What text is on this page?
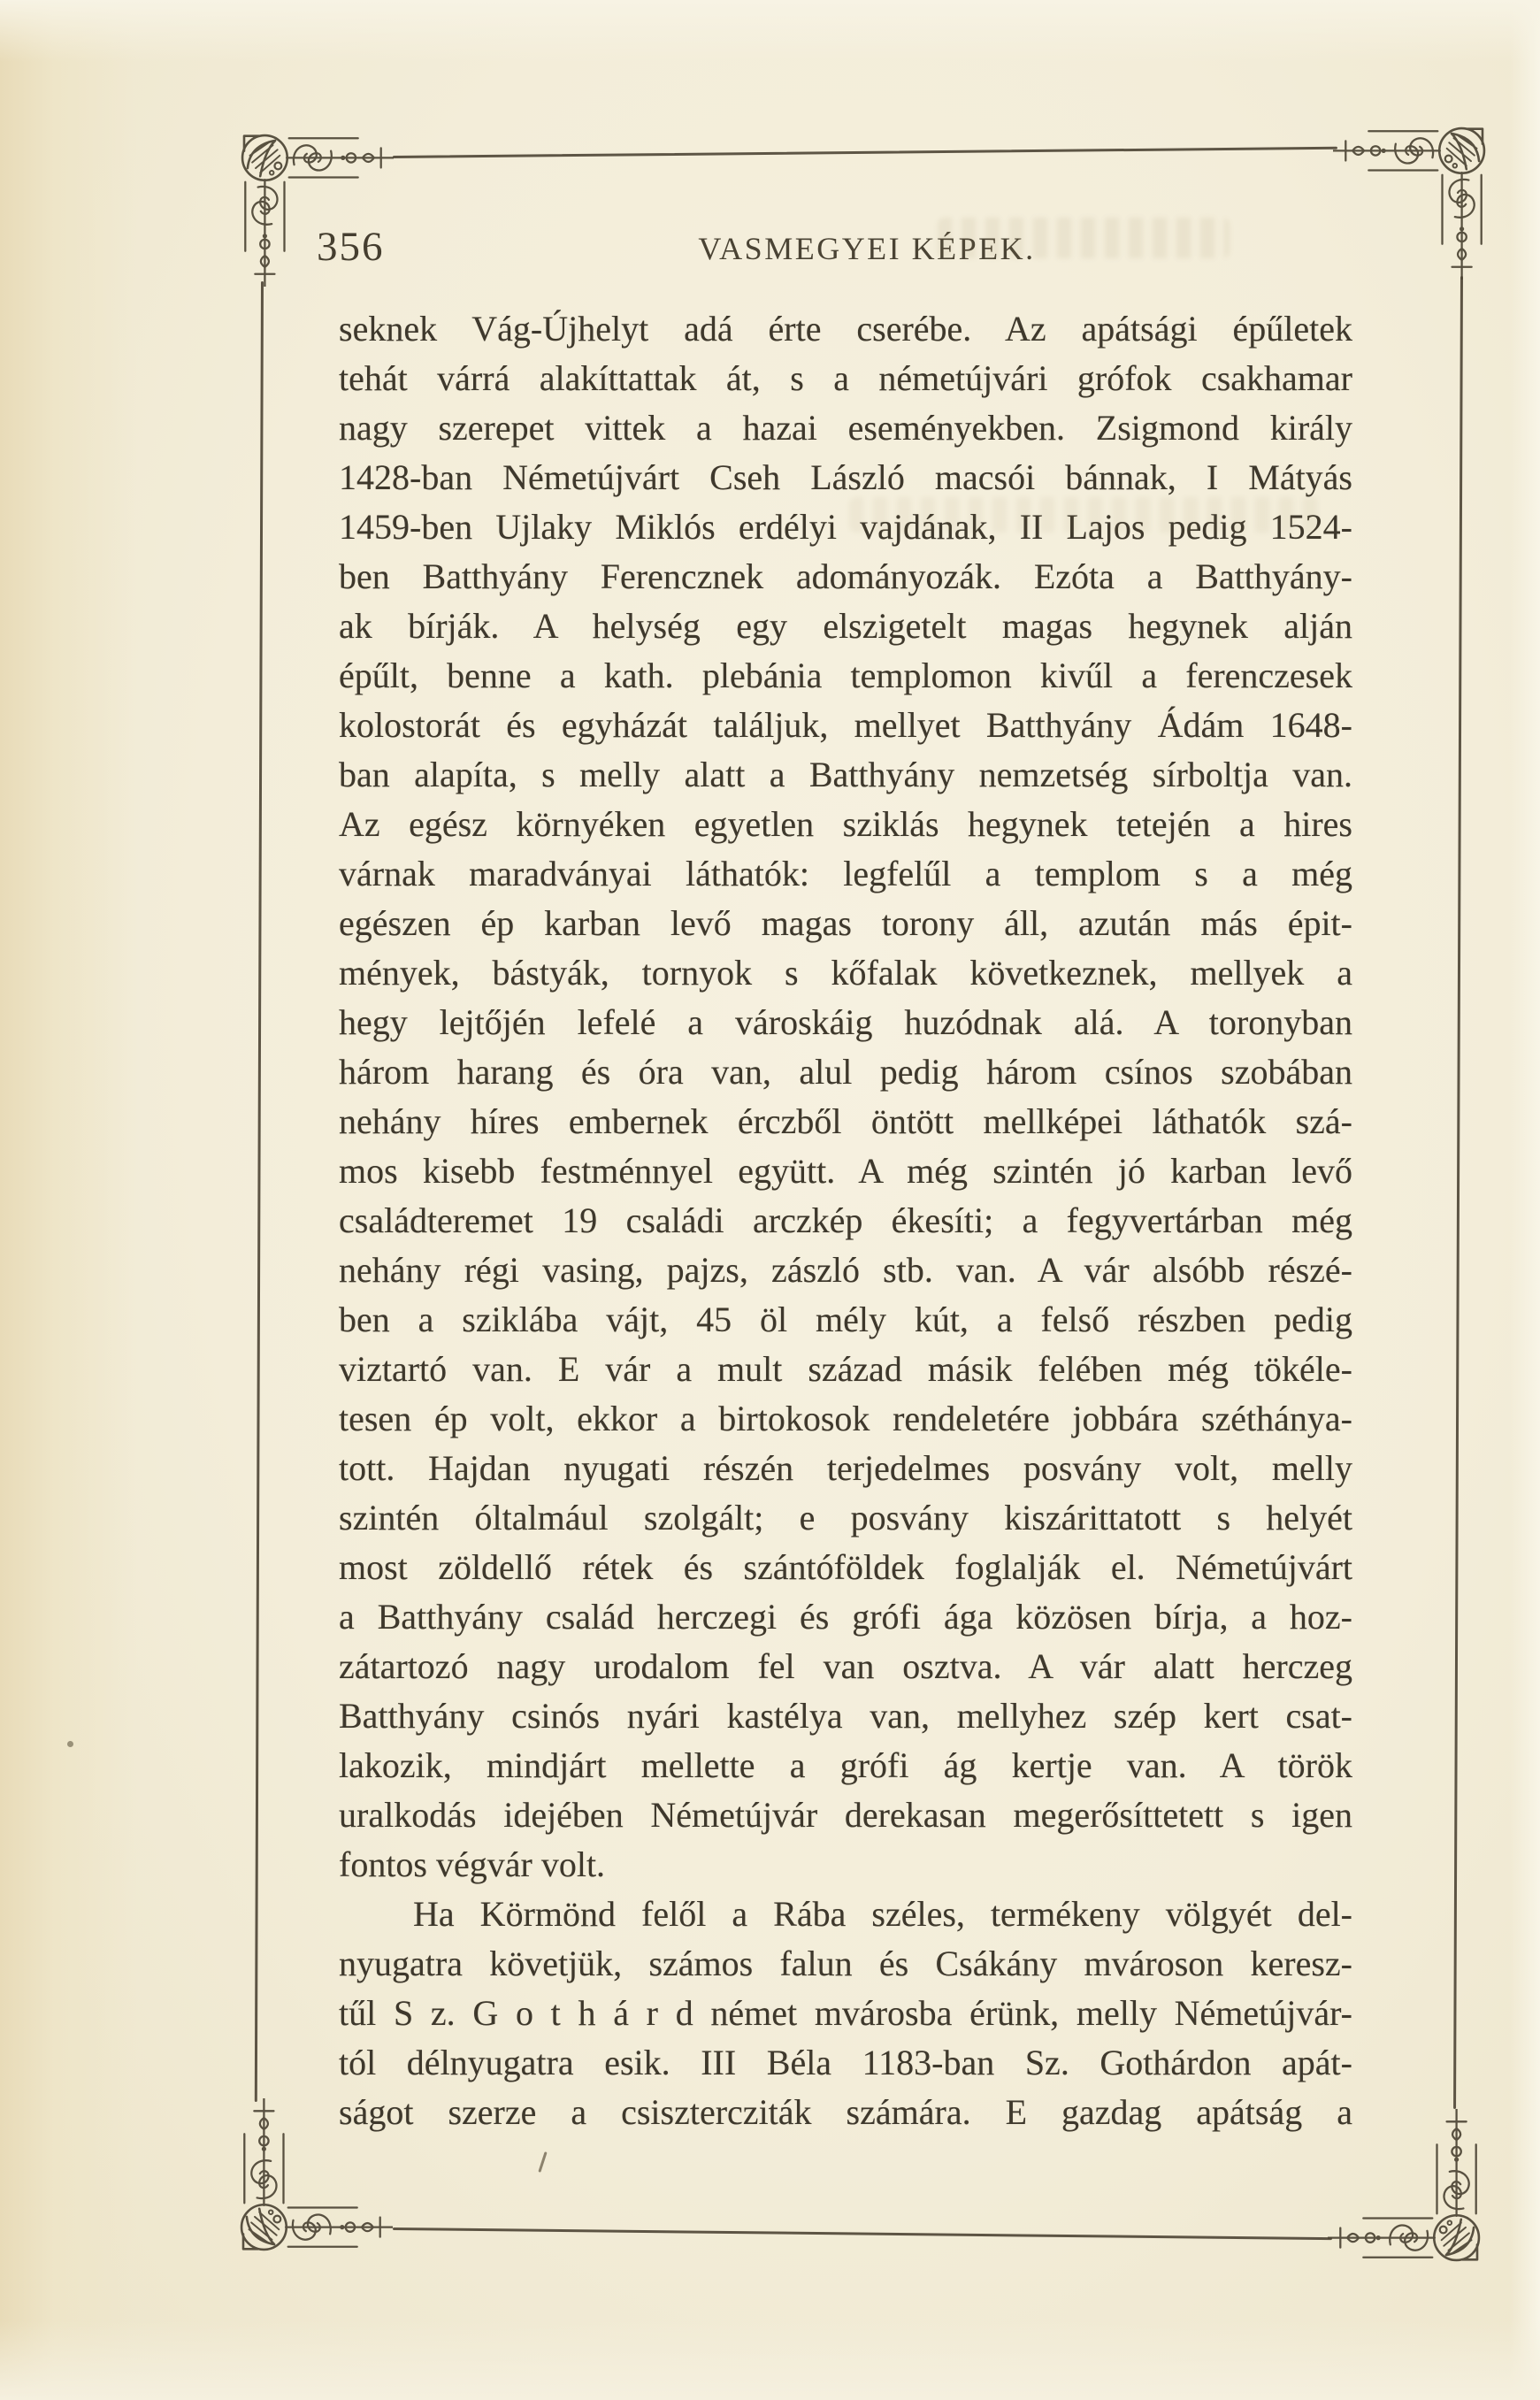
356	VASMEGYEI KÉPEK.
seknek Vág-Újhelyt adá érte cserébe. Az apátsági épűletek
tehát várrá alakíttattak át, s a németújvári grófok csakhamar
nagy szerepet vittek a hazai eseményekben. Zsigmond király
1428-ban Németújvárt Cseh László macsói bánnak, I Mátyás
1459-ben Ujlaky Miklós erdélyi vajdának, II Lajos pedig 1524-
ben Batthyány Ferencznek adományozák. Ezóta a Batthyány-
ak bírják. A helység egy elszigetelt magas hegynek alján
épűlt, benne a kath. plebánia templomon kivűl a ferenczesek
kolostorát és egyházát találjuk, mellyet Batthyány Ádám 1648-
ban alapíta, s melly alatt a Batthyány nemzetség sírboltja van.
Az egész környéken egyetlen sziklás hegynek tetején a hires
várnak maradványai láthatók: legfelűl a templom s a még
egészen ép karban levő magas torony áll, azután más épit-
mények, bástyák, tornyok s kőfalak következnek, mellyek a
hegy lejtőjén lefelé a városkáig huzódnak alá. A toronyban
három harang és óra van, alul pedig három csínos szobában
nehány híres embernek érczből öntött mellképei láthatók szá-
mos kisebb festménnyel együtt. A még szintén jó karban levő
családteremet 19 családi arczkép ékesíti; a fegyvertárban még
nehány régi vasing, pajzs, zászló stb. van. A vár alsóbb részé-
ben a sziklába vájt, 45 öl mély kút, a felső részben pedig
viztartó van. E vár a mult század másik felében még tökéle-
tesen ép volt, ekkor a birtokosok rendeletére jobbára széthánya-
tott. Hajdan nyugati részén terjedelmes posvány volt, melly
szintén óltalmául szolgált; e posvány kiszárittatott s helyét
most zöldellő rétek és szántóföldek foglalják el. Németújvárt
a Batthyány család herczegi és grófi ága közösen bírja, a hoz-
zátartozó nagy urodalom fel van osztva. A vár alatt herczeg
Batthyány csinós nyári kastélya van, mellyhez szép kert csat-
lakozik, mindjárt mellette a grófi ág kertje van. A török
uralkodás idejében Németújvár derekasan megerősíttetett s igen
fontos végvár volt.
Ha Körmönd felől a Rába széles, termékeny völgyét del-
nyugatra követjük, számos falun és Csákány mvároson keresz-
tűl S z. G o t h á r d német mvárosba érünk, melly Németújvár-
tól délnyugatra esik. III Béla 1183-ban Sz. Gothárdon apát-
ságot szerze a csisztercziták számára. E gazdag apátság a
